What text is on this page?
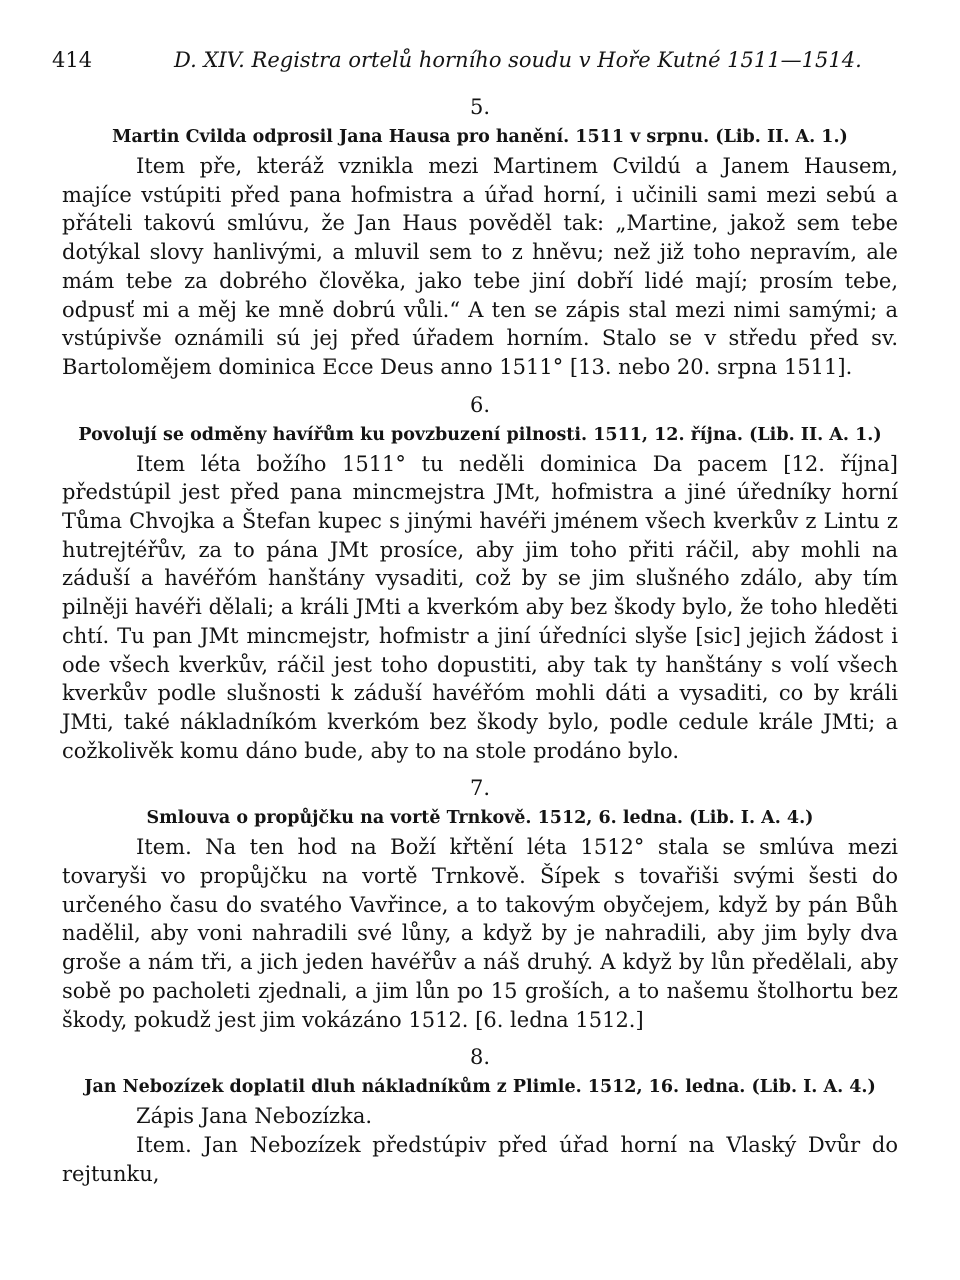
414	D. XIV. Registra ortelů horního soudu v Hoře Kutné 1511—1514.

5.

Martin Cvilda odprosil Jana Hausa pro hanění. 1511 v srpnu. (Lib. II. A. 1.)

Item pře, kteráž vznikla mezi Martinem Cvildú a Janem Hausem, majíce vstúpiti před pana hofmistra a úřad horní, i učinili sami mezi sebú a přáteli takovú smlúvu, že Jan Haus pověděl tak: „Martine, jakož sem tebe dotýkal slovy hanlivými, a mluvil sem to z hněvu; než již toho nepravím, ale mám tebe za dobrého člověka, jako tebe jiní dobří lidé mají; prosím tebe, odpusť mi a měj ke mně dobrú vůli.“ A ten se zápis stal mezi nimi samými; a vstúpivše oznámili sú jej před úřadem horním. Stalo se v středu před sv. Bartolomějem dominica Ecce Deus anno 1511° [13. nebo 20. srpna 1511].

6.

Povolují se odměny havířům ku povzbuzení pilnosti. 1511, 12. října. (Lib. II. A. 1.)

Item léta božího 1511° tu neděli dominica Da pacem [12. října] předstúpil jest před pana mincmejstra JMt, hofmistra a jiné úředníky horní Tůma Chvojka a Štefan kupec s jinými havéři jménem všech kverkův z Lintu z hutrejtéřův, za to pána JMt prosíce, aby jim toho přiti ráčil, aby mohli na záduší a havéřóm hanštány vysaditi, což by se jim slušného zdálo, aby tím pilněji havéři dělali; a králi JMti a kverkóm aby bez škody bylo, že toho hleděti chtí. Tu pan JMt mincmejstr, hofmistr a jiní úředníci slyše [sic] jejich žádost i ode všech kverkův, ráčil jest toho dopustiti, aby tak ty hanštány s volí všech kverkův podle slušnosti k záduší havéřóm mohli dáti a vysaditi, co by králi JMti, také nákladníkóm kverkóm bez škody bylo, podle cedule krále JMti; a cožkolivěk komu dáno bude, aby to na stole prodáno bylo.

7.

Smlouva o propůjčku na vortě Trnkově. 1512, 6. ledna. (Lib. I. A. 4.)

Item. Na ten hod na Boží křtění léta 1512° stala se smlúva mezi tovaryši vo propůjčku na vortě Trnkově. Šípek s tovařiši svými šesti do určeného času do svatého Vavřince, a to takovým obyčejem, když by pán Bůh nadělil, aby voni nahradili své lůny, a když by je nahradili, aby jim byly dva groše a nám tři, a jich jeden havéřův a náš druhý. A když by lůn předělali, aby sobě po pacholeti zjednali, a jim lůn po 15 groších, a to našemu štolhortu bez škody, pokudž jest jim vokázáno 1512. [6. ledna 1512.]

8.

Jan Nebozízek doplatil dluh nákladníkům z Plimle. 1512, 16. ledna. (Lib. I. A. 4.)

Zápis Jana Nebozízka.

Item. Jan Nebozízek předstúpiv před úřad horní na Vlaský Dvůr do rejtunku,
